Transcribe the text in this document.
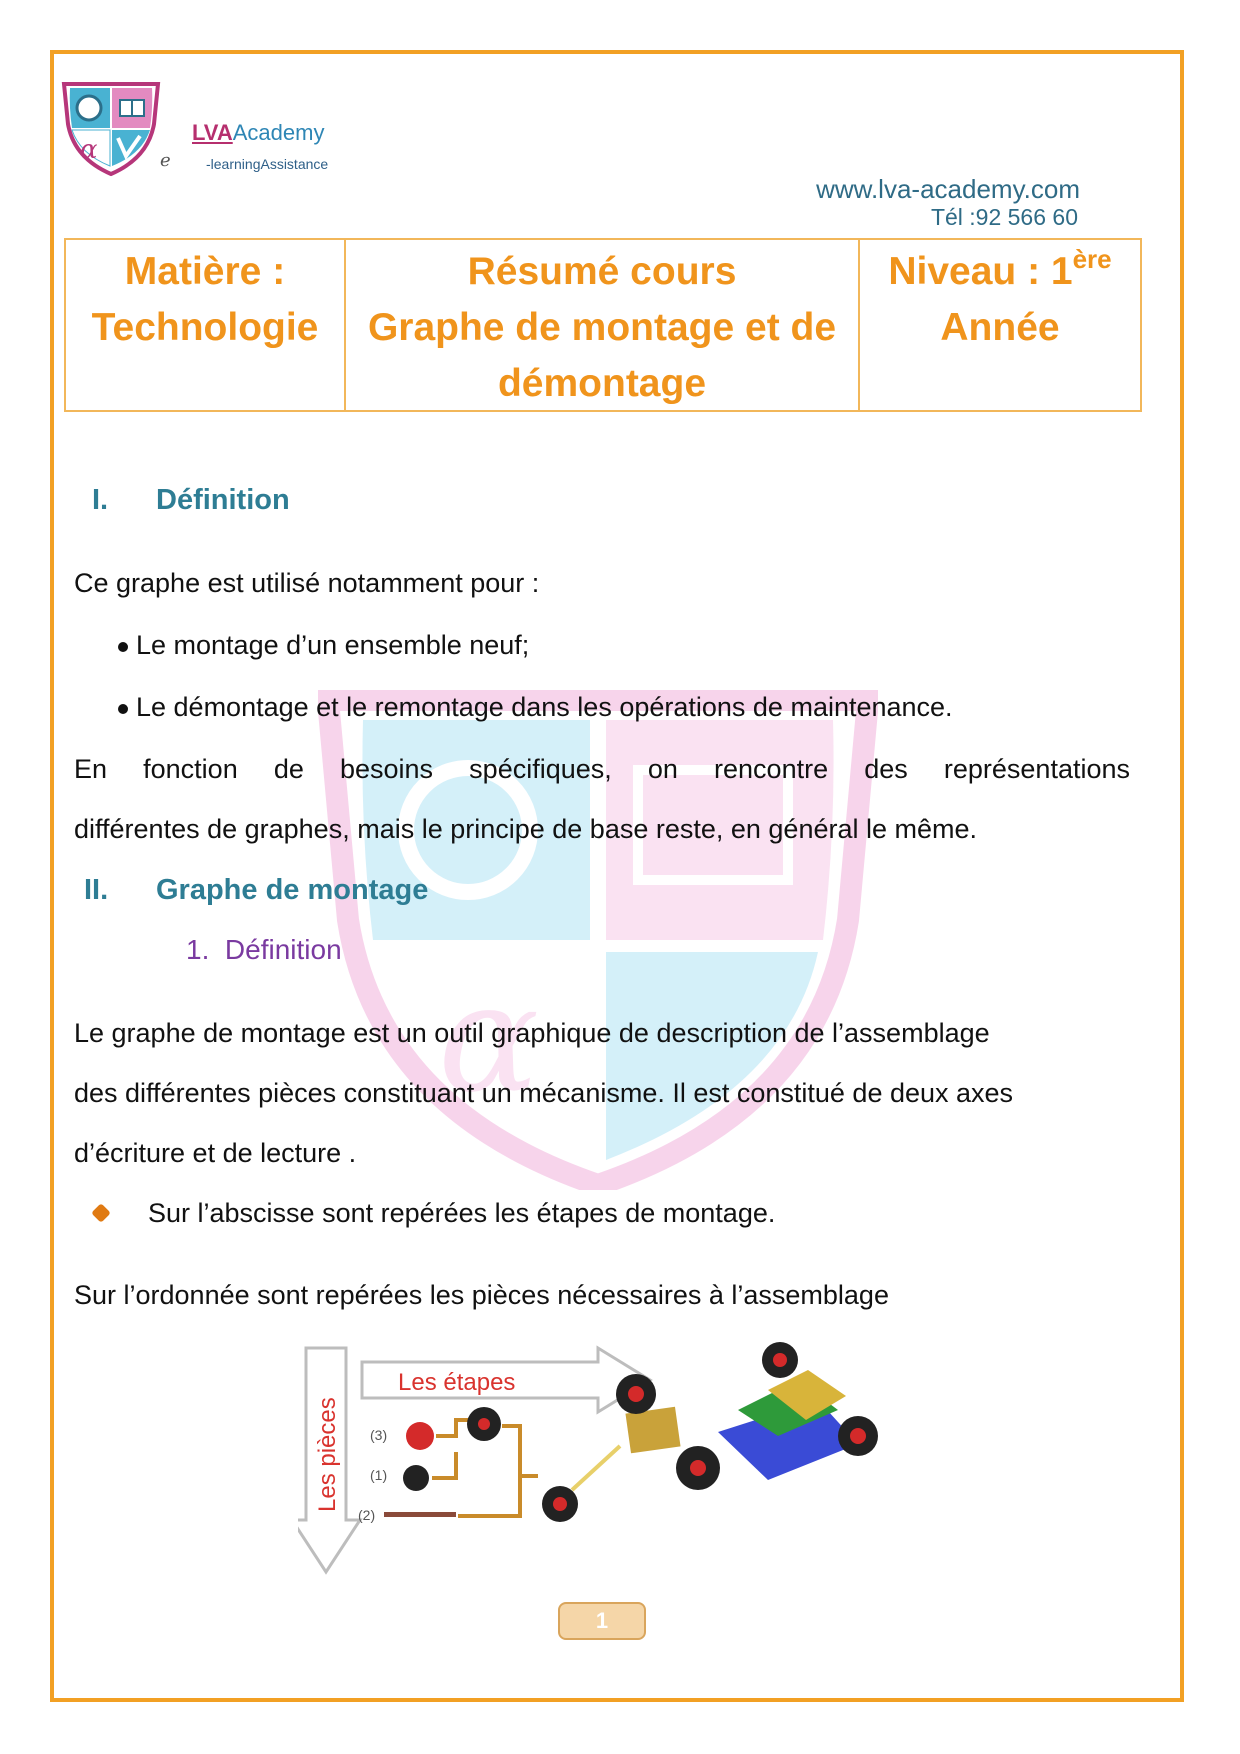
α
LVAAcademy
e	-learningAssistance
www.lva-academy.com
Tél :92 566 60
Matière :
Technologie
Résumé cours
Graphe de montage et de
démontage
Niveau : 1ère
Année
α
I. Définition
Ce graphe est utilisé notamment pour :
Le montage d’un ensemble neuf;
Le démontage et le remontage dans les opérations de maintenance.
En fonction de besoins spécifiques, on rencontre des représentations
différentes de graphes, mais le principe de base reste, en général le même.
II. Graphe de montage
1. Définition
Le graphe de montage est un outil graphique de description de l’assemblage
des différentes pièces constituant un mécanisme. Il est constitué de deux axes
d’écriture et de lecture .
Sur l’abscisse sont repérées les étapes de montage.
Sur l’ordonnée sont repérées les pièces nécessaires à l’assemblage
Les étapes
Les pièces (3)
(1)
(2)
1
